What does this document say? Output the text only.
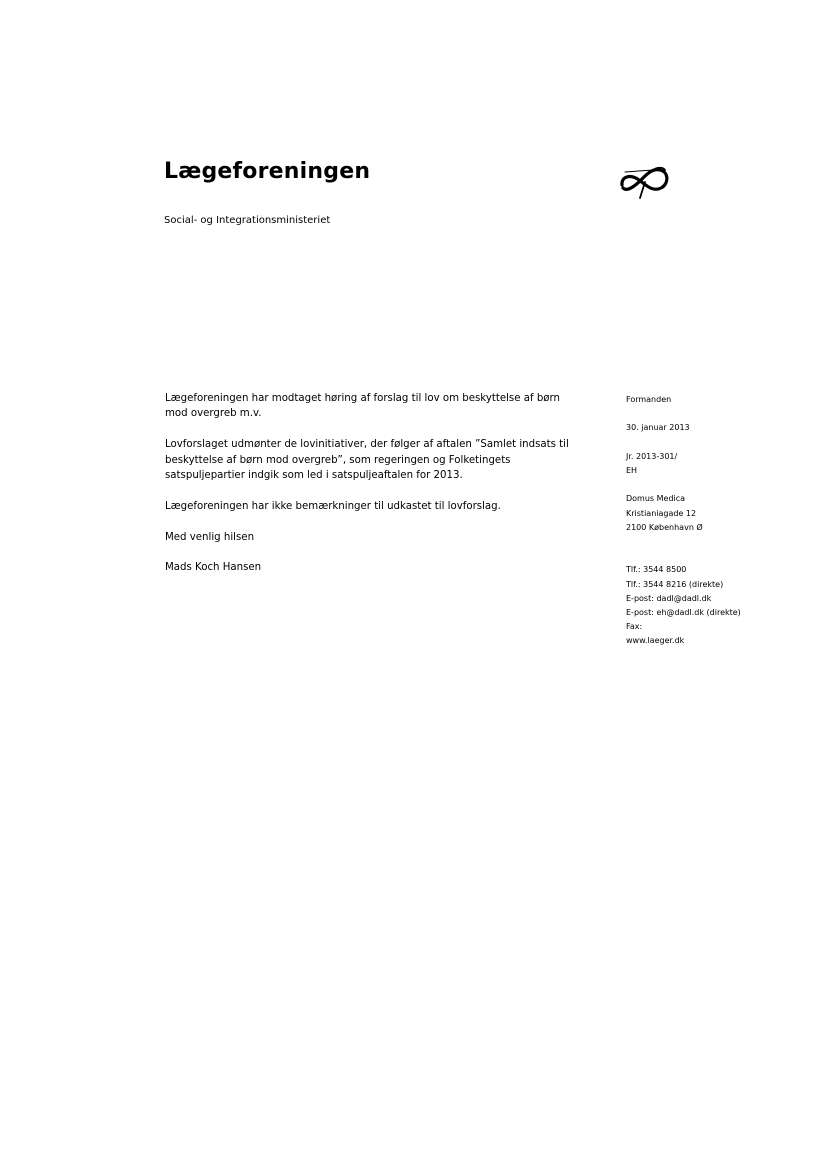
Lægeforeningen

Social- og Integrationsministeriet

Lægeforeningen har modtaget høring af forslag til lov om beskyttelse af børn mod overgreb m.v.

Lovforslaget udmønter de lovinitiativer, der følger af aftalen ”Samlet indsats til beskyttelse af børn mod overgreb”, som regeringen og Folketingets satspuljepartier indgik som led i satspuljeaftalen for 2013.

Lægeforeningen har ikke bemærkninger til udkastet til lovforslag.

Med venlig hilsen

Mads Koch Hansen

Formanden
30. januar 2013
Jr. 2013-301/
EH
Domus Medica
Kristianiagade 12
2100 København Ø
Tlf.: 3544 8500
Tlf.: 3544 8216 (direkte)
E-post: dadl@dadl.dk
E-post: eh@dadl.dk (direkte)
Fax:
www.laeger.dk
